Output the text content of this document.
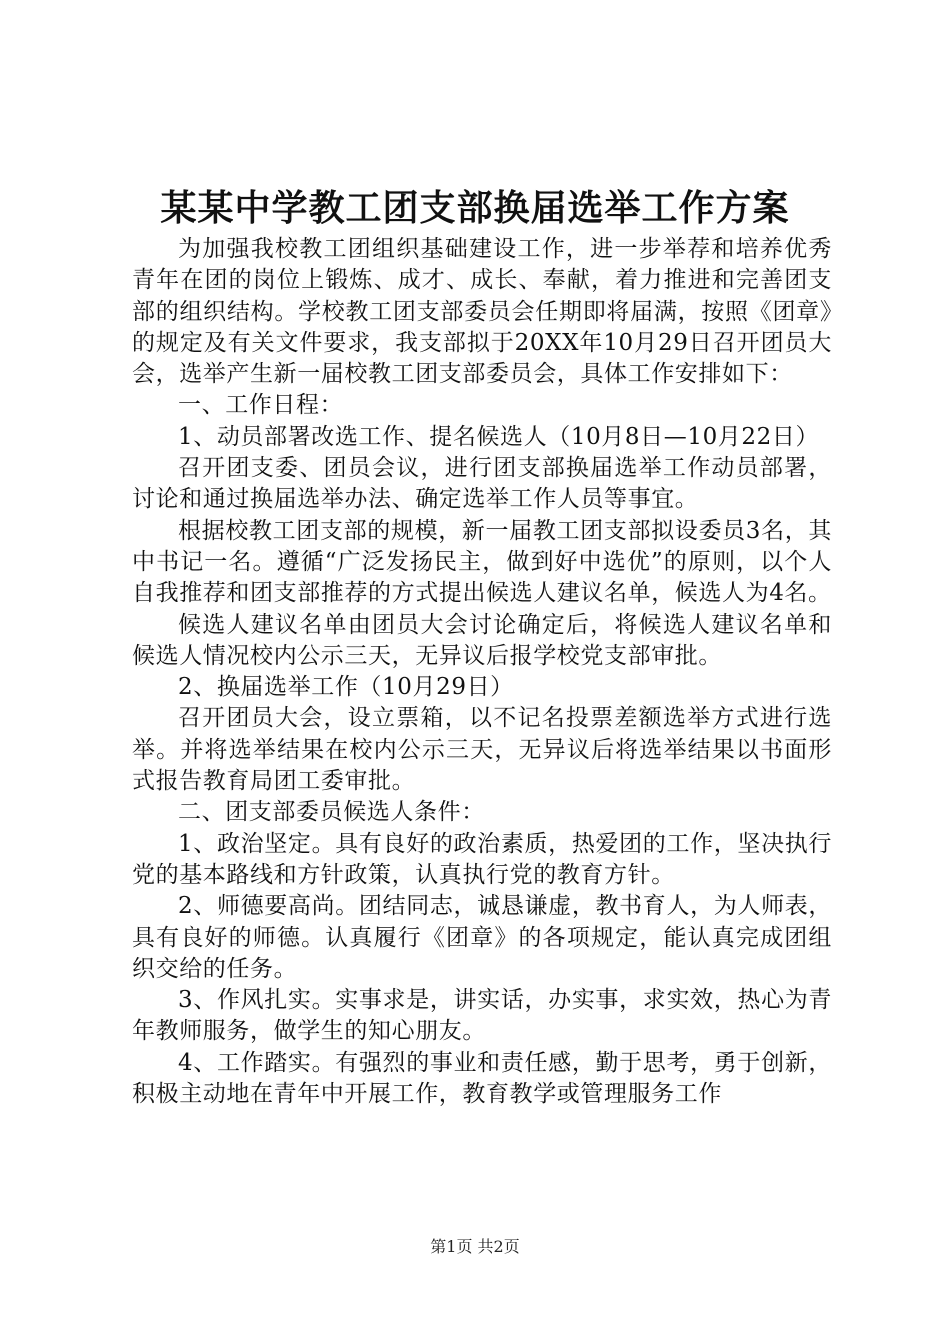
某某中学教工团支部换届选举工作方案

为加强我校教工团组织基础建设工作，进一步举荐和培养优秀青年在团的岗位上锻炼、成才、成长、奉献，着力推进和完善团支部的组织结构。学校教工团支部委员会任期即将届满，按照《团章》的规定及有关文件要求，我支部拟于20XX年10月29日召开团员大会，选举产生新一届校教工团支部委员会，具体工作安排如下：

一、工作日程：

1、动员部署改选工作、提名候选人（10月8日—10月22日）

召开团支委、团员会议，进行团支部换届选举工作动员部署，讨论和通过换届选举办法、确定选举工作人员等事宜。

根据校教工团支部的规模，新一届教工团支部拟设委员3名，其中书记一名。遵循“广泛发扬民主，做到好中选优”的原则，以个人自我推荐和团支部推荐的方式提出候选人建议名单，候选人为4名。

候选人建议名单由团员大会讨论确定后，将候选人建议名单和候选人情况校内公示三天，无异议后报学校党支部审批。

2、换届选举工作（10月29日）

召开团员大会，设立票箱，以不记名投票差额选举方式进行选举。并将选举结果在校内公示三天，无异议后将选举结果以书面形式报告教育局团工委审批。

二、团支部委员候选人条件：

1、政治坚定。具有良好的政治素质，热爱团的工作，坚决执行党的基本路线和方针政策，认真执行党的教育方针。

2、师德要高尚。团结同志，诚恳谦虚，教书育人，为人师表，具有良好的师德。认真履行《团章》的各项规定，能认真完成团组织交给的任务。

3、作风扎实。实事求是，讲实话，办实事，求实效，热心为青年教师服务，做学生的知心朋友。

4、工作踏实。有强烈的事业和责任感，勤于思考，勇于创新，积极主动地在青年中开展工作，教育教学或管理服务工作

第1页 共2页
